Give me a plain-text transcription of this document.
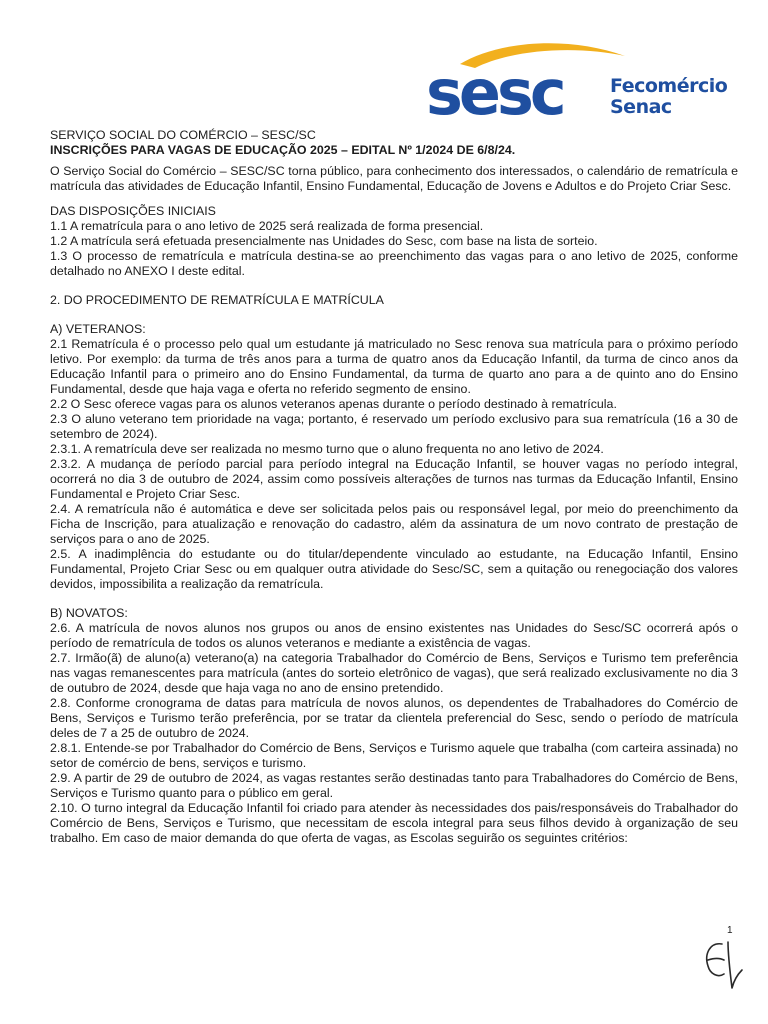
sesc Fecomércio
Senac

SERVIÇO SOCIAL DO COMÉRCIO – SESC/SC

INSCRIÇÕES PARA VAGAS DE EDUCAÇÃO 2025 – EDITAL Nº 1/2024 DE 6/8/24.

O Serviço Social do Comércio – SESC/SC torna público, para conhecimento dos interessados, o calendário de rematrícula e matrícula das atividades de Educação Infantil, Ensino Fundamental, Educação de Jovens e Adultos e do Projeto Criar Sesc.

DAS DISPOSIÇÕES INICIAIS

1.1 A rematrícula para o ano letivo de 2025 será realizada de forma presencial.

1.2 A matrícula será efetuada presencialmente nas Unidades do Sesc, com base na lista de sorteio.

1.3 O processo de rematrícula e matrícula destina-se ao preenchimento das vagas para o ano letivo de 2025, conforme detalhado no ANEXO I deste edital.

2. DO PROCEDIMENTO DE REMATRÍCULA E MATRÍCULA

A) VETERANOS:

2.1 Rematrícula é o processo pelo qual um estudante já matriculado no Sesc renova sua matrícula para o próximo período letivo. Por exemplo: da turma de três anos para a turma de quatro anos da Educação Infantil, da turma de cinco anos da Educação Infantil para o primeiro ano do Ensino Fundamental, da turma de quarto ano para a de quinto ano do Ensino Fundamental, desde que haja vaga e oferta no referido segmento de ensino.

2.2 O Sesc oferece vagas para os alunos veteranos apenas durante o período destinado à rematrícula.

2.3 O aluno veterano tem prioridade na vaga; portanto, é reservado um período exclusivo para sua rematrícula (16 a 30 de setembro de 2024).

2.3.1. A rematrícula deve ser realizada no mesmo turno que o aluno frequenta no ano letivo de 2024.

2.3.2. A mudança de período parcial para período integral na Educação Infantil, se houver vagas no período integral, ocorrerá no dia 3 de outubro de 2024, assim como possíveis alterações de turnos nas turmas da Educação Infantil, Ensino Fundamental e Projeto Criar Sesc.

2.4. A rematrícula não é automática e deve ser solicitada pelos pais ou responsável legal, por meio do preenchimento da Ficha de Inscrição, para atualização e renovação do cadastro, além da assinatura de um novo contrato de prestação de serviços para o ano de 2025.

2.5. A inadimplência do estudante ou do titular/dependente vinculado ao estudante, na Educação Infantil, Ensino Fundamental, Projeto Criar Sesc ou em qualquer outra atividade do Sesc/SC, sem a quitação ou renegociação dos valores devidos, impossibilita a realização da rematrícula.

B) NOVATOS:

2.6. A matrícula de novos alunos nos grupos ou anos de ensino existentes nas Unidades do Sesc/SC ocorrerá após o período de rematrícula de todos os alunos veteranos e mediante a existência de vagas.

2.7. Irmão(ã) de aluno(a) veterano(a) na categoria Trabalhador do Comércio de Bens, Serviços e Turismo tem preferência nas vagas remanescentes para matrícula (antes do sorteio eletrônico de vagas), que será realizado exclusivamente no dia 3 de outubro de 2024, desde que haja vaga no ano de ensino pretendido.

2.8. Conforme cronograma de datas para matrícula de novos alunos, os dependentes de Trabalhadores do Comércio de Bens, Serviços e Turismo terão preferência, por se tratar da clientela preferencial do Sesc, sendo o período de matrícula deles de 7 a 25 de outubro de 2024.

2.8.1. Entende-se por Trabalhador do Comércio de Bens, Serviços e Turismo aquele que trabalha (com carteira assinada) no setor de comércio de bens, serviços e turismo.

2.9. A partir de 29 de outubro de 2024, as vagas restantes serão destinadas tanto para Trabalhadores do Comércio de Bens, Serviços e Turismo quanto para o público em geral.

2.10. O turno integral da Educação Infantil foi criado para atender às necessidades dos pais/responsáveis do Trabalhador do Comércio de Bens, Serviços e Turismo, que necessitam de escola integral para seus filhos devido à organização de seu trabalho. Em caso de maior demanda do que oferta de vagas, as Escolas seguirão os seguintes critérios:

1
